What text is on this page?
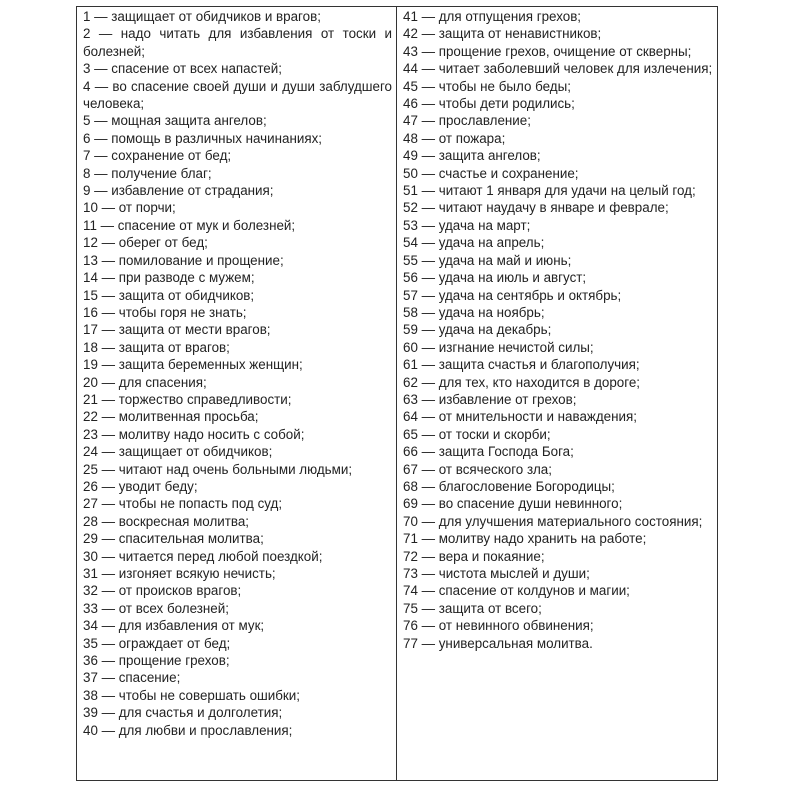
1 — защищает от обидчиков и врагов;
2 — надо читать для избавления от тоски и болезней;
3 — спасение от всех напастей;
4 — во спасение своей души и души заблудшего человека;
5 — мощная защита ангелов;
6 — помощь в различных начинаниях;
7 — сохранение от бед;
8 — получение благ;
9 — избавление от страдания;
10 — от порчи;
11 — спасение от мук и болезней;
12 — оберег от бед;
13 — помилование и прощение;
14 — при разводе с мужем;
15 — защита от обидчиков;
16 — чтобы горя не знать;
17 — защита от мести врагов;
18 — защита от врагов;
19 — защита беременных женщин;
20 — для спасения;
21 — торжество справедливости;
22 — молитвенная просьба;
23 — молитву надо носить с собой;
24 — защищает от обидчиков;
25 — читают над очень больными людьми;
26 — уводит беду;
27 — чтобы не попасть под суд;
28 — воскресная молитва;
29 — спасительная молитва;
30 — читается перед любой поездкой;
31 — изгоняет всякую нечисть;
32 — от происков врагов;
33 — от всех болезней;
34 — для избавления от мук;
35 — ограждает от бед;
36 — прощение грехов;
37 — спасение;
38 — чтобы не совершать ошибки;
39 — для счастья и долголетия;
40 — для любви и прославления;
41 — для отпущения грехов;
42 — защита от ненавистников;
43 — прощение грехов, очищение от скверны;
44 — читает заболевший человек для излечения;
45 — чтобы не было беды;
46 — чтобы дети родились;
47 — прославление;
48 — от пожара;
49 — защита ангелов;
50 — счастье и сохранение;
51 — читают 1 января для удачи на целый год;
52 — читают наудачу в январе и феврале;
53 — удача на март;
54 — удача на апрель;
55 — удача на май и июнь;
56 — удача на июль и август;
57 — удача на сентябрь и октябрь;
58 — удача на ноябрь;
59 — удача на декабрь;
60 — изгнание нечистой силы;
61 — защита счастья и благополучия;
62 — для тех, кто находится в дороге;
63 — избавление от грехов;
64 — от мнительности и наваждения;
65 — от тоски и скорби;
66 — защита Господа Бога;
67 — от всяческого зла;
68 — благословение Богородицы;
69 — во спасение души невинного;
70 — для улучшения материального состояния;
71 — молитву надо хранить на работе;
72 — вера и покаяние;
73 — чистота мыслей и души;
74 — спасение от колдунов и магии;
75 — защита от всего;
76 — от невинного обвинения;
77 — универсальная молитва.
